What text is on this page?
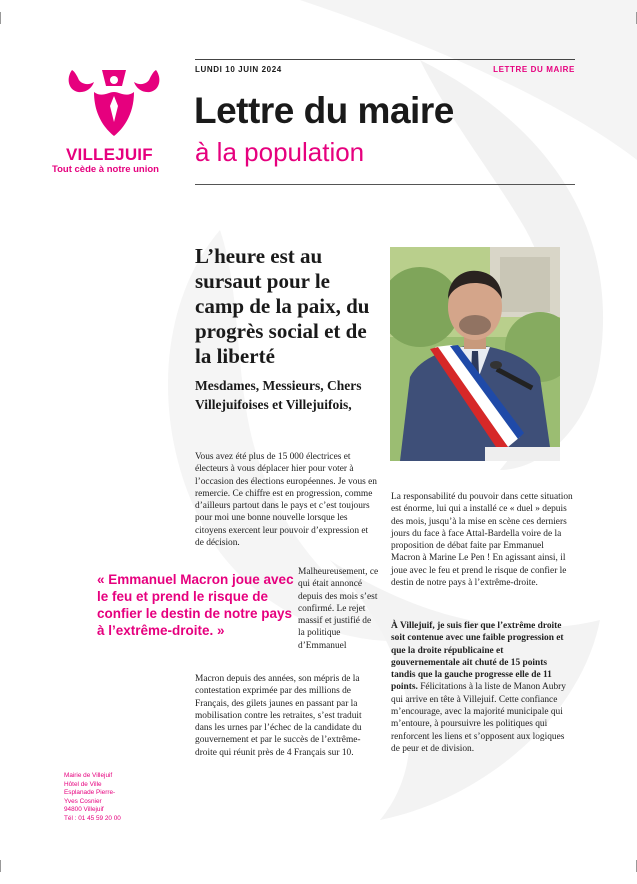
VILLEJUIF
Tout cède à notre union
LUNDI 10 JUIN 2024	LETTRE DU MAIRE
Lettre du maire
à la population
L’heure est au sursaut pour le camp de la paix, du progrès social et de la liberté
Mesdames, Messieurs, Chers Villejuifoises et Villejuifois,
Vous avez été plus de 15 000 électrices et électeurs à vous déplacer hier pour voter à l’occasion des élections européennes. Je vous en remercie. Ce chiffre est en progression, comme d’ailleurs partout dans le pays et c’est toujours pour moi une bonne nouvelle lorsque les citoyens exercent leur pouvoir d’expression et de décision.
« Emmanuel Macron joue avec le feu et prend le risque de confier le destin de notre pays à l’extrême-droite. »
Malheureusement, ce qui était annoncé depuis des mois s’est confirmé. Le rejet massif et justifié de la politique d’Emmanuel
Macron depuis des années, son mépris de la contestation exprimée par des millions de Français, des gilets jaunes en passant par la mobilisation contre les retraites, s’est traduit dans les urnes par l’échec de la candidate du gouvernement et par le succès de l’extrême-droite qui réunit près de 4 Français sur 10.
La responsabilité du pouvoir dans cette situation est énorme, lui qui a installé ce « duel » depuis des mois, jusqu’à la mise en scène ces derniers jours du face à face Attal-Bardella voire de la proposition de débat faite par Emmanuel Macron à Marine Le Pen ! En agissant ainsi, il joue avec le feu et prend le risque de confier le destin de notre pays à l’extrême-droite.
À Villejuif, je suis fier que l’extrême droite soit contenue avec une faible progression et que la droite républicaine et gouvernementale ait chuté de 15 points tandis que la gauche progresse elle de 11 points. Félicitations à la liste de Manon Aubry qui arrive en tête à Villejuif. Cette confiance m’encourage, avec la majorité municipale qui m’entoure, à poursuivre les politiques qui renforcent les liens et s’opposent aux logiques de peur et de division.
Mairie de Villejuif
Hôtel de Ville
Esplanade Pierre-
Yves Cosnier
94800 Villejuif
Tél : 01 45 59 20 00
